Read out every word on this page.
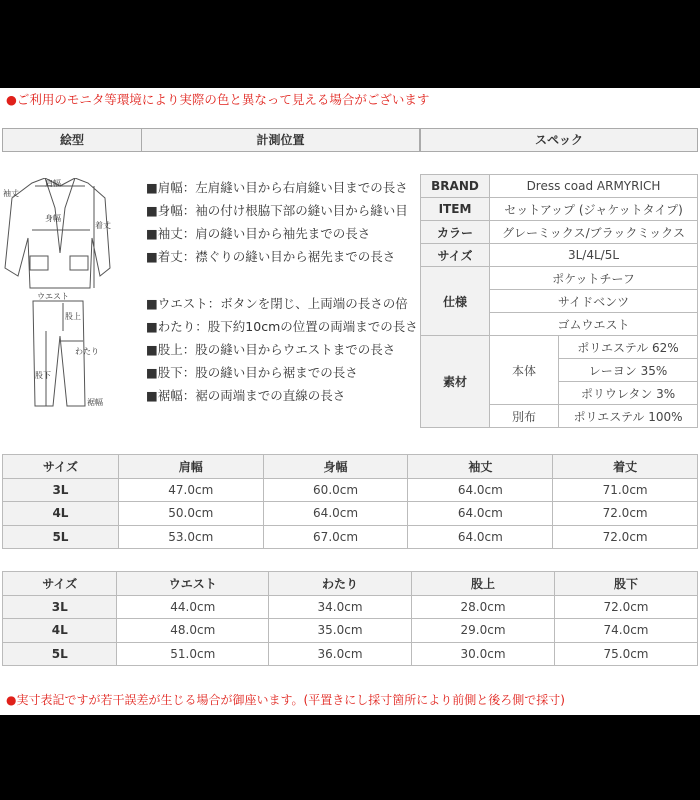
●ご利用のモニタ等環境により実際の色と異なって見える場合がございます
絵型	計測位置	スペック
肩幅
身幅
袖丈
着丈
ウエスト
股上
わたり
股下
裾幅
■肩幅：左肩縫い目から右肩縫い目までの長さ
■身幅：袖の付け根脇下部の縫い目から縫い目
■袖丈：肩の縫い目から袖先までの長さ
■着丈：襟ぐりの縫い目から裾先までの長さ
■ウエスト：ボタンを閉じ、上両端の長さの倍
■わたり：股下約10cmの位置の両端までの長さ
■股上：股の縫い目からウエストまでの長さ
■股下：股の縫い目から裾までの長さ
■裾幅：裾の両端までの直線の長さ
BRAND	Dress coad ARMYRICH	
ITEM	セットアップ (ジャケットタイプ)	
カラー	グレーミックス/ブラックミックス	
サイズ	3L/4L/5L	
仕様	ポケットチーフ	
	サイドベンツ	
	ゴムウエスト	
素材	本体	ポリエステル 62%
		レーヨン 35%
		ポリウレタン 3%
	別布	ポリエステル 100%
サイズ	肩幅	身幅	袖丈	着丈
3L	47.0cm	60.0cm	64.0cm	71.0cm
4L	50.0cm	64.0cm	64.0cm	72.0cm
5L	53.0cm	67.0cm	64.0cm	72.0cm
サイズ	ウエスト	わたり	股上	股下
3L	44.0cm	34.0cm	28.0cm	72.0cm
4L	48.0cm	35.0cm	29.0cm	74.0cm
5L	51.0cm	36.0cm	30.0cm	75.0cm
●実寸表記ですが若干誤差が生じる場合が御座います。(平置きにし採寸箇所により前側と後ろ側で採寸)
